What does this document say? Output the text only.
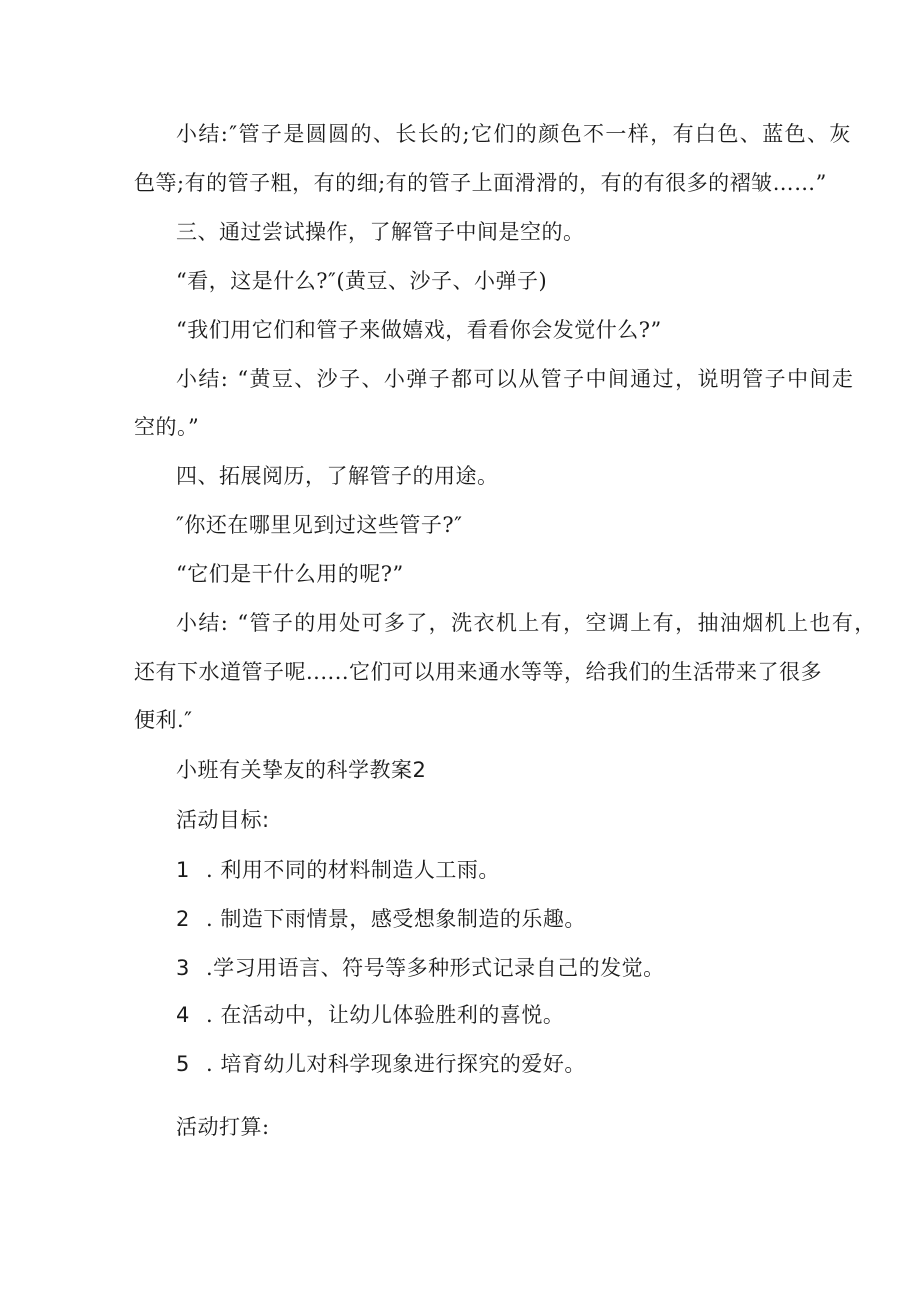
小结:″管子是圆圆的、长长的;它们的颜色不一样，有白色、蓝色、灰
色等;有的管子粗，有的细;有的管子上面滑滑的，有的有很多的褶皱……”
三、通过尝试操作，了解管子中间是空的。
“看，这是什么?″(黄豆、沙子、小弹子)
“我们用它们和管子来做嬉戏，看看你会发觉什么?”
小结: “黄豆、沙子、小弹子都可以从管子中间通过，说明管子中间走
空的。”
四、拓展阅历，了解管子的用途。
″你还在哪里见到过这些管子?″
“它们是干什么用的呢?”
小结: “管子的用处可多了，洗衣机上有，空调上有，抽油烟机上也有，
还有下水道管子呢......它们可以用来通水等等，给我们的生活带来了很多
便利.″
小班有关挚友的科学教案2
活动目标:
1 . 利用不同的材料制造人工雨。
2 . 制造下雨情景，感受想象制造的乐趣。
3 .学习用语言、符号等多种形式记录自己的发觉。
4 . 在活动中，让幼儿体验胜利的喜悦。
5 . 培育幼儿对科学现象进行探究的爱好。
活动打算:
